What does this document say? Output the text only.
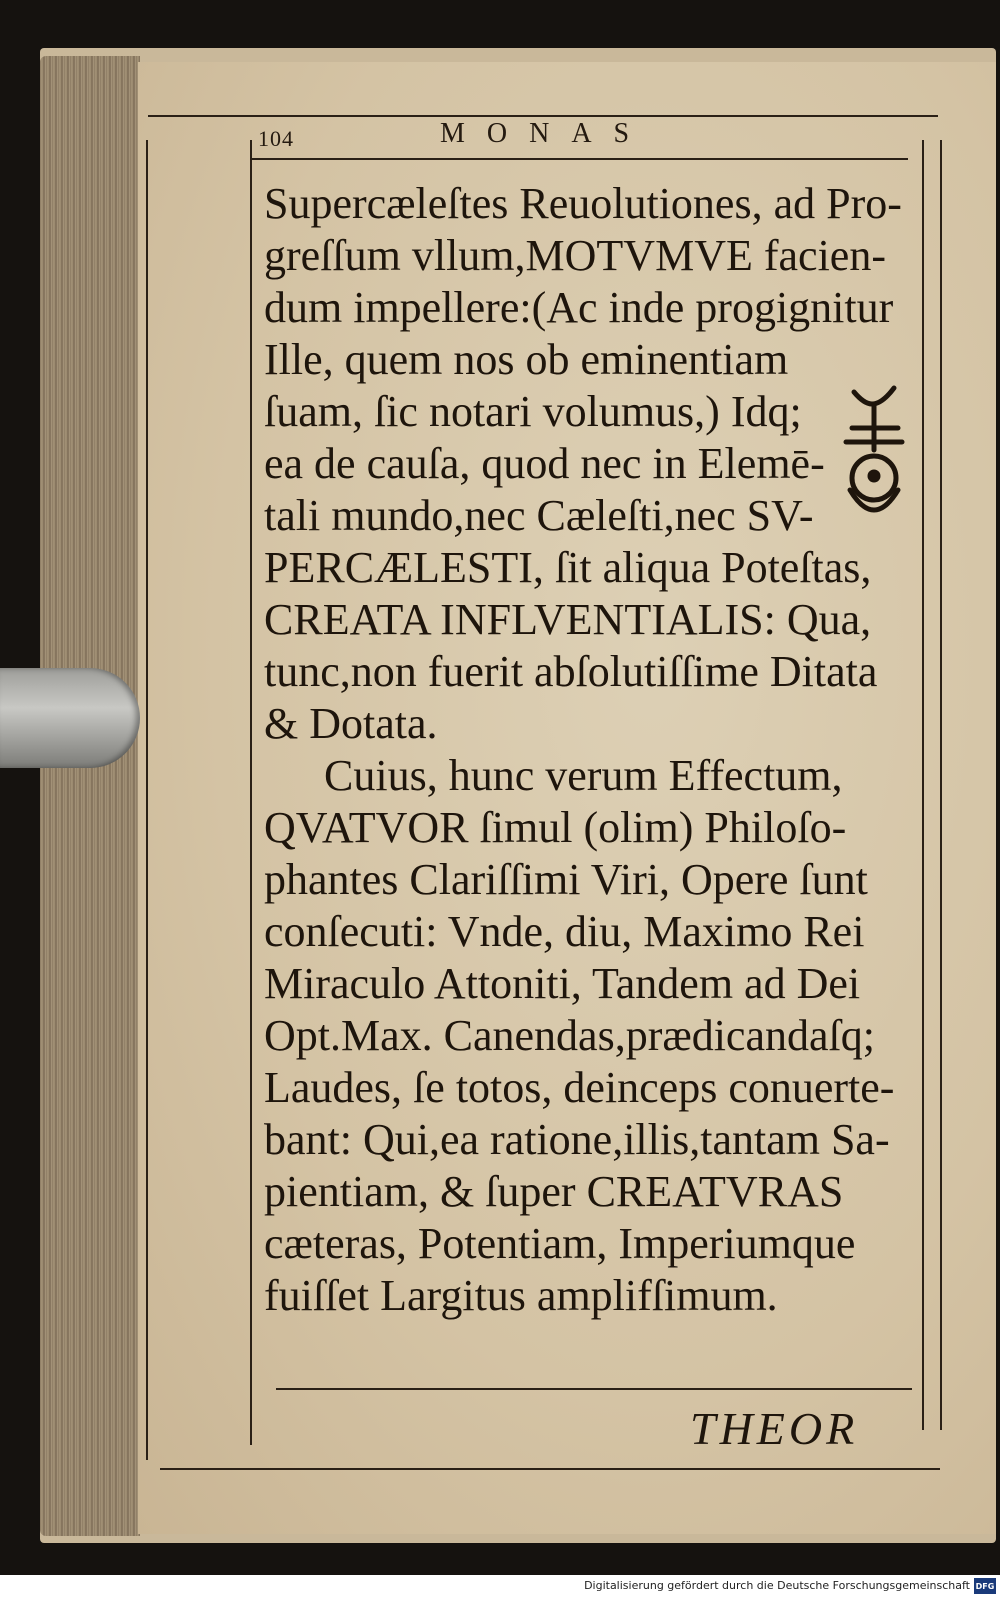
104	MONAS
Supercæleſtes Reuolutiones, ad Pro-
greſſum vllum,MOTVMVE facien-
dum impellere:(Ac inde progignitur
Ille, quem nos ob eminentiam
ſuam, ſic notari volumus,) Idq;
ea de cauſa, quod nec in Elemē-
tali mundo,nec Cæleſti,nec SV-
PERCÆLESTI, ſit aliqua Poteſtas,
CREATA INFLVENTIALIS: Qua,
tunc,non fuerit abſolutiſſime Ditata
& Dotata.
Cuius, hunc verum Effectum,
QVATVOR ſimul (olim) Philoſo-
phantes Clariſſimi Viri, Opere ſunt
conſecuti: Vnde, diu, Maximo Rei
Miraculo Attoniti, Tandem ad Dei
Opt.Max. Canendas,prædicandaſq;
Laudes, ſe totos, deinceps conuerte-
bant: Qui,ea ratione,illis,tantam Sa-
pientiam, & ſuper CREATVRAS
cæteras, Potentiam, Imperiumque
fuiſſet Largitus amplifſimum.
THEOR
Digitalisierung gefördert durch die Deutsche Forschungsgemeinschaft DFG
